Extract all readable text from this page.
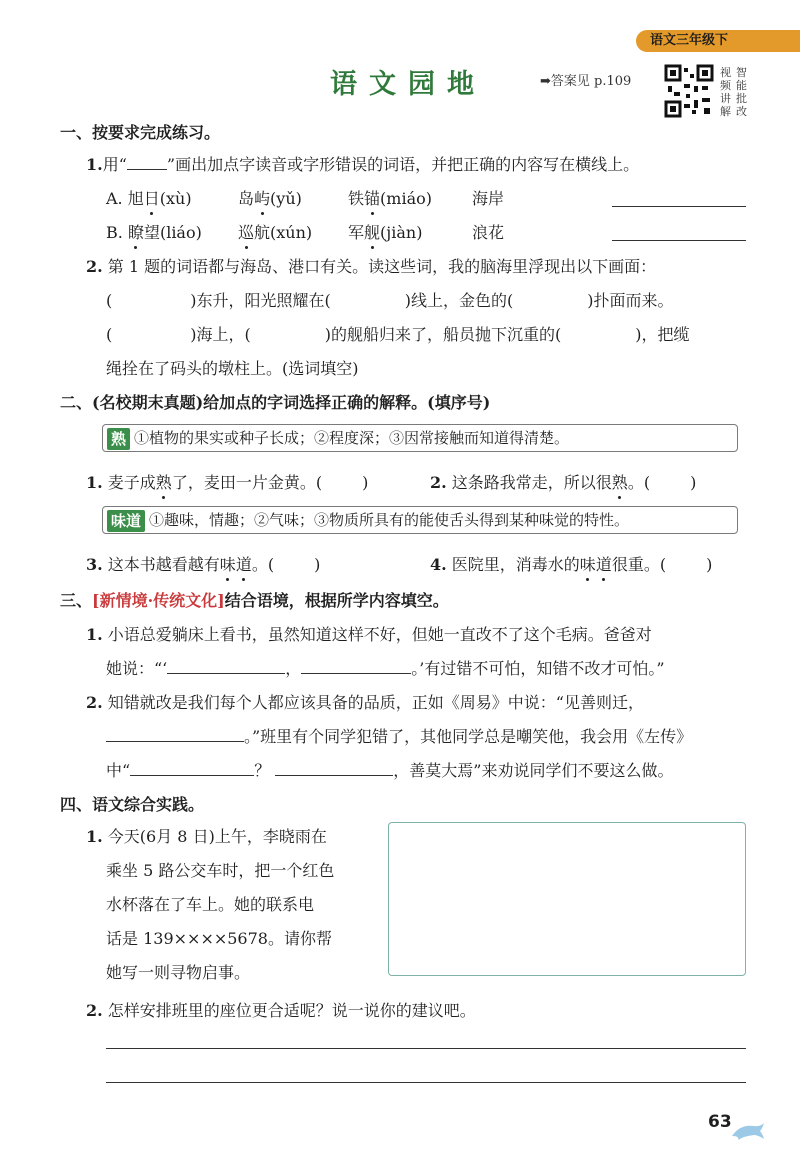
语文三年级下
语文园地	➡答案见 p.109
视频讲解
智能批改
一、按要求完成练习。
1.用“	”画出加点字读音或字形错误的词语，并把正确的内容写在横线上。
A. 旭日(xù)	岛屿(yǔ)	铁锚(miáo)	海岸
B. 瞭望(liáo) 巡航(xún) 军舰(jiàn)	浪花
2. 第 1 题的词语都与海岛、港口有关。读这些词，我的脑海里浮现出以下画面：
(	)东升，阳光照耀在(	)线上，金色的(	)扑面而来。
(	)海上，(	)的舰船归来了，船员抛下沉重的(	)，把缆
绳拴在了码头的墩柱上。(选词填空)
二、(名校期末真题)给加点的字词选择正确的解释。(填序号)
熟 ①植物的果实或种子长成；②程度深；③因常接触而知道得清楚。
1. 麦子成熟了，麦田一片金黄。(	)	2. 这条路我常走，所以很熟。(	)
味道 ①趣味，情趣；②气味；③物质所具有的能使舌头得到某种味觉的特性。
3. 这本书越看越有味道。(	)	4. 医院里，消毒水的味道很重。(	)
三、[新情境·传统文化]结合语境，根据所学内容填空。
1. 小语总爱躺床上看书，虽然知道这样不好，但她一直改不了这个毛病。爸爸对
她说：“‘	，	。’有过错不可怕，知错不改才可怕。”
2. 知错就改是我们每个人都应该具备的品质，正如《周易》中说：“见善则迁，
。”班里有个同学犯错了，其他同学总是嘲笑他，我会用《左传》
中“	？	，善莫大焉”来劝说同学们不要这么做。
四、语文综合实践。
1. 今天(6月 8 日)上午，李晓雨在
乘坐 5 路公交车时，把一个红色
水杯落在了车上。她的联系电
话是 139××××5678。请你帮
她写一则寻物启事。
2. 怎样安排班里的座位更合适呢？说一说你的建议吧。
63
